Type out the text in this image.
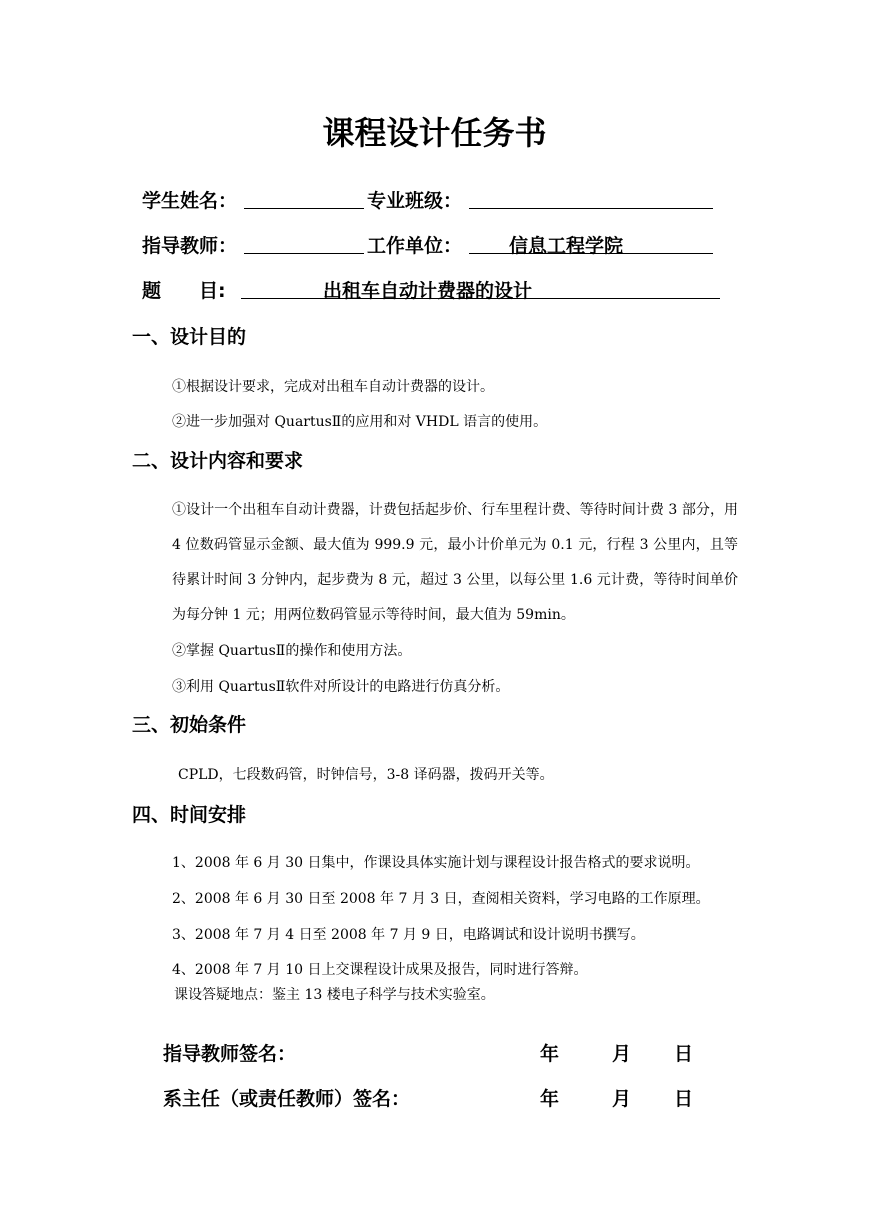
课程设计任务书
学生姓名：	专业班级：
指导教师：	工作单位： 信息工程学院
题　　目:	出租车自动计费器的设计
一、设计目的
①根据设计要求，完成对出租车自动计费器的设计。
②进一步加强对 QuartusⅡ的应用和对 VHDL 语言的使用。
二、设计内容和要求
①设计一个出租车自动计费器，计费包括起步价、行车里程计费、等待时间计费 3 部分，用 4 位数码管显示金额、最大值为 999.9 元，最小计价单元为 0.1 元，行程 3 公里内，且等待累计时间 3 分钟内，起步费为 8 元，超过 3 公里，以每公里 1.6 元计费，等待时间单价为每分钟 1 元；用两位数码管显示等待时间，最大值为 59min。
②掌握 QuartusⅡ的操作和使用方法。
③利用 QuartusⅡ软件对所设计的电路进行仿真分析。
三、初始条件
CPLD，七段数码管，时钟信号，3-8 译码器，拨码开关等。
四、时间安排
1、2008 年 6 月 30 日集中，作课设具体实施计划与课程设计报告格式的要求说明。
2、2008 年 6 月 30 日至 2008 年 7 月 3 日，查阅相关资料，学习电路的工作原理。
3、2008 年 7 月 4 日至 2008 年 7 月 9 日，电路调试和设计说明书撰写。
4、2008 年 7 月 10 日上交课程设计成果及报告，同时进行答辩。
课设答疑地点：鉴主 13 楼电子科学与技术实验室。
指导教师签名：	年	月 日
系主任（或责任教师）签名：	年	月 日
